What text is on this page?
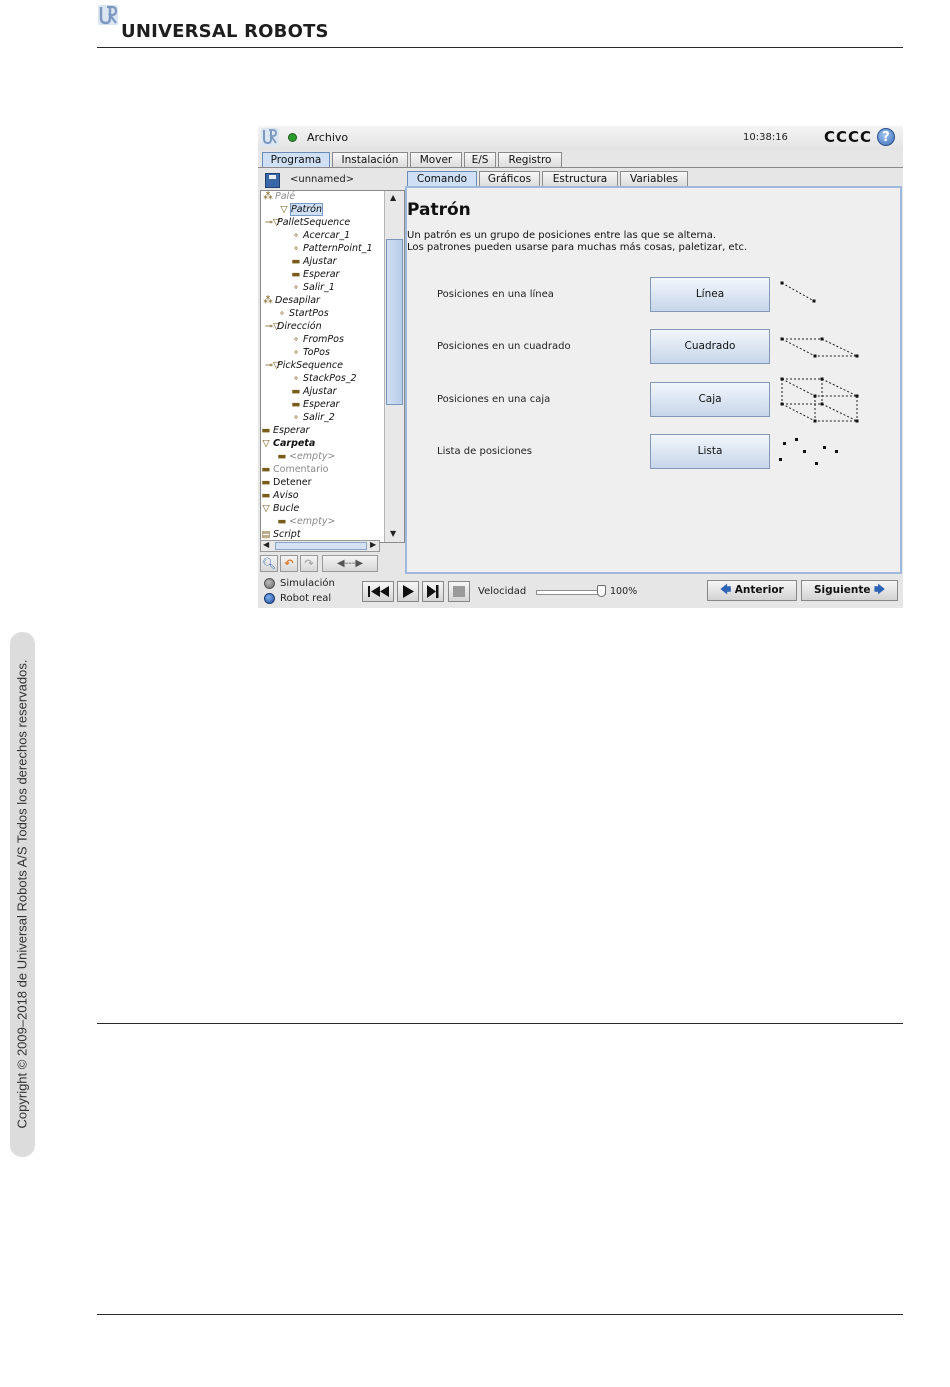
UNIVERSAL ROBOTS
Copyright © 2009–2018 de Universal Robots A/S Todos los derechos reservados.
Archivo	10:38:16 CCCC ?
Programa	Instalación	Mover	E/S	Registro
<unnamed>
⁂ Palé
▽ Patrón
⊸▽PalletSequence
∘ Acercar_1
∘ PatternPoint_1
▬ Ajustar
▬ Esperar
∘ Salir_1
⁂ Desapilar
∘ StartPos
⊸▽Dirección
∘ FromPos
∘ ToPos
⊸▽PickSequence
∘ StackPos_2
▬ Ajustar
▬ Esperar
∘ Salir_2
▬ Esperar
▽ Carpeta
▬ <empty>
▬ Comentario
▬ Detener
▬ Aviso
▽ Bucle
▬ <empty>
▤ Script
▲
▼
◀	▶
🔍︎ ↶ ↷	◀---▶
Comando	Gráficos	Estructura	Variables
Patrón
Un patrón es un grupo de posiciones entre las que se alterna.
Los patrones pueden usarse para muchas más cosas, paletizar, etc.
Posiciones en una línea	Línea
Posiciones en un cuadrado	Cuadrado
Posiciones en una caja	Caja
Lista de posiciones	Lista
Simulación
Robot real
Velocidad	100%	🡄 Anterior	Siguiente 🡆
